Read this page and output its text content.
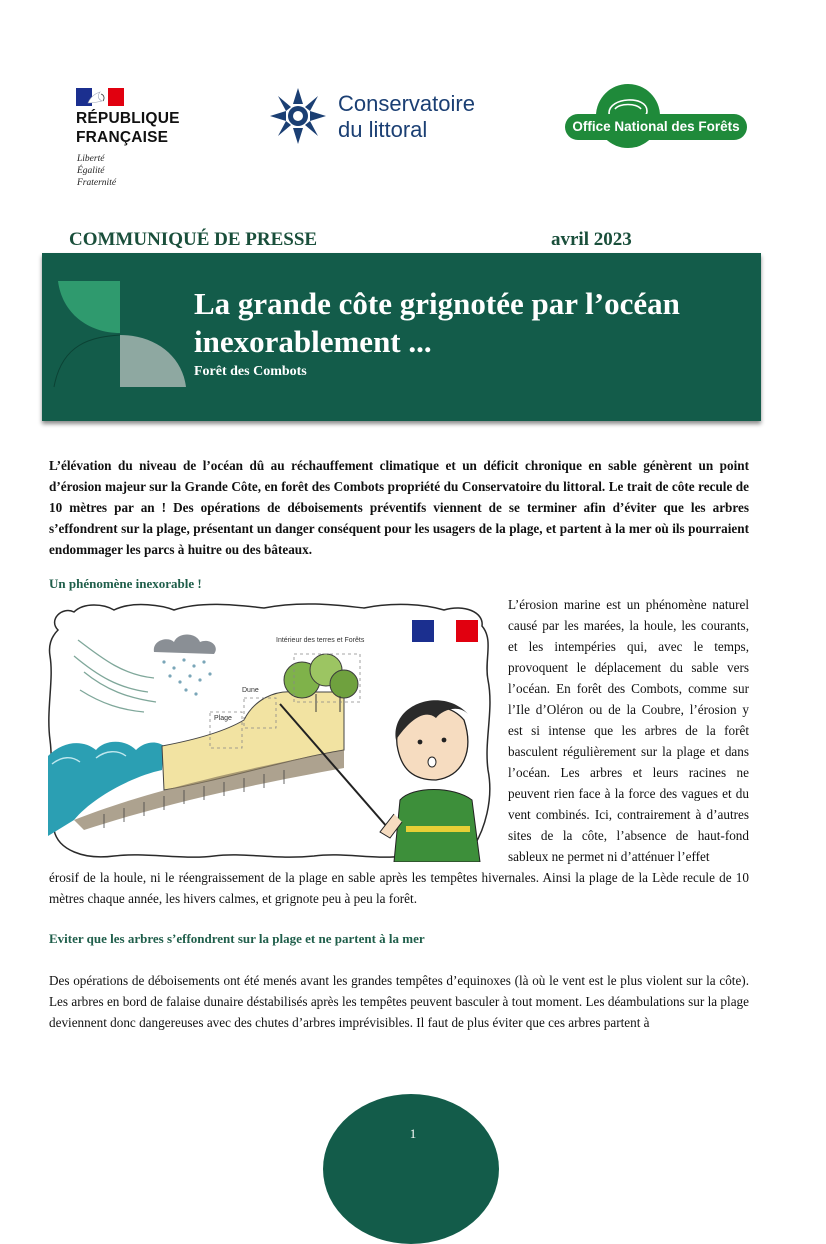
RÉPUBLIQUE
FRANÇAISE
Liberté
Égalité
Fraternité
Conservatoire
du littoral	Office National des Forêts
COMMUNIQUÉ DE PRESSE	avril 2023
La grande côte grignotée par l’océan inexorablement ...
Forêt des Combots
L’élévation du niveau de l’océan dû au réchauffement climatique et un déficit chronique en sable génèrent un point d’érosion majeur sur la Grande Côte, en forêt des Combots propriété du Conservatoire du littoral. Le trait de côte recule de 10 mètres par an ! Des opérations de déboisements préventifs viennent de se terminer afin d’éviter que les arbres s’effondrent sur la plage, présentant un danger conséquent pour les usagers de la plage, et partent à la mer où ils pourraient endommager les parcs à huitre ou des bâteaux.
Un phénomène inexorable !
Intérieur des terres et Forêts
Dune
Plage
L’érosion marine est un phénomène naturel causé par les marées, la houle, les courants, et les intempéries qui, avec le temps, provoquent le déplacement du sable vers l’océan. En forêt des Combots, comme sur l’Ile d’Oléron ou de la Coubre, l’érosion y est si intense que les arbres de la forêt basculent régulièrement sur la plage et dans l’océan. Les arbres et leurs racines ne peuvent rien face à la force des vagues et du vent combinés. Ici, contrairement à d’autres sites de la côte, l’absence de haut-fond sableux ne permet ni d’atténuer l’effet
érosif de la houle, ni le réengraissement de la plage en sable après les tempêtes hivernales. Ainsi la plage de la Lède recule de 10 mètres chaque année, les hivers calmes, et grignote peu à peu la forêt.
Eviter que les arbres s’effondrent sur la plage et ne partent à la mer
Des opérations de déboisements ont été menés avant les grandes tempêtes d’equinoxes (là où le vent est le plus violent sur la côte). Les arbres en bord de falaise dunaire déstabilisés après les tempêtes peuvent basculer à tout moment. Les déambulations sur la plage deviennent donc dangereuses avec des chutes d’arbres imprévisibles. Il faut de plus éviter que ces arbres partent à
1
